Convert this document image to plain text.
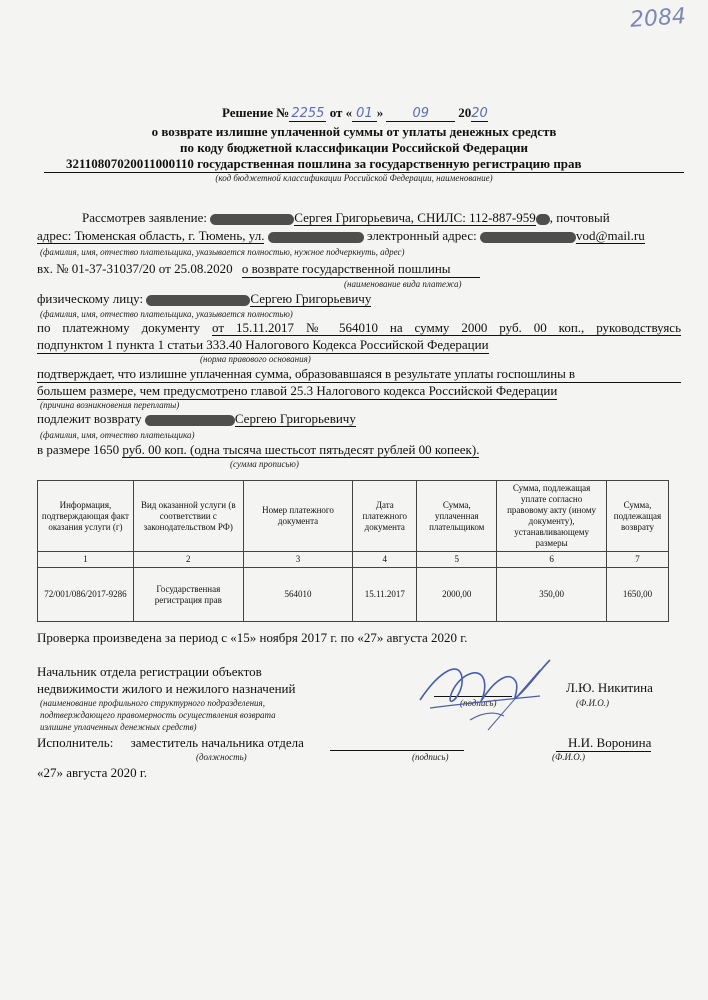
2084
Решение № 2255 от « 01 » 09 2020
о возврате излишне уплаченной суммы от уплаты денежных средств
по коду бюджетной классификации Российской Федерации
32110807020011000110 государственная пошлина за государственную регистрацию прав
(код бюджетной классификации Российской Федерации, наименование)
Рассмотрев заявление:	Сергея Григорьевича, СНИЛС: 112-887-959 , почтовый
адрес: Тюменская область, г. Тюмень, ул.	электронный адрес:	vod@mail.ru
(фамилия, имя, отчество плательщика, указывается полностью, нужное подчеркнуть, адрес)
вх. № 01-37-31037/20 от 25.08.2020 о возврате государственной пошлины
(наименование вида платежа)
физическому лицу:	Сергею Григорьевичу
(фамилия, имя, отчество плательщика, указывается полностью)
по платежному документу от 15.11.2017 № 564010 на сумму 2000 руб. 00 коп., руководствуясь
подпунктом 1 пункта 1 статьи 333.40 Налогового Кодекса Российской Федерации
(норма правового основания)
подтверждает, что излишне уплаченная сумма, образовавшаяся в результате уплаты госпошлины в
большем размере, чем предусмотрено главой 25.3 Налогового кодекса Российской Федерации
(причина возникновения переплаты)
подлежит возврату	Сергею Григорьевичу
(фамилия, имя, отчество плательщика)
в размере 1650 руб. 00 коп. (одна тысяча шестьсот пятьдесят рублей 00 копеек).
(сумма прописью)
Информация, подтверждающая факт оказания услуги (г)	Вид оказанной услуги (в соответствии с законодательством РФ)	Номер платежного документа	Дата платежного документа	Сумма, уплаченная плательщиком	Сумма, подлежащая уплате согласно правовому акту (иному документу), устанавливающему размеры	Сумма, подлежащая возврату
1	2	3	4	5	6	7
72/001/086/2017-9286	Государственная регистрация прав	564010	15.11.2017	2000,00	350,00	1650,00
Проверка произведена за период с «15» ноября 2017 г. по «27» августа 2020 г.
Начальник отдела регистрации объектов
недвижимости жилого и нежилого назначений	Л.Ю. Никитина
(наименование профильного структурного подразделения,
подтверждающего правомерность осуществления возврата
излишне уплаченных денежных средств)
(подпись)	(Ф.И.О.)
Исполнитель: заместитель начальника отдела	Н.И. Воронина
(должность)	(подпись)	(Ф.И.О.)
«27» августа 2020 г.
